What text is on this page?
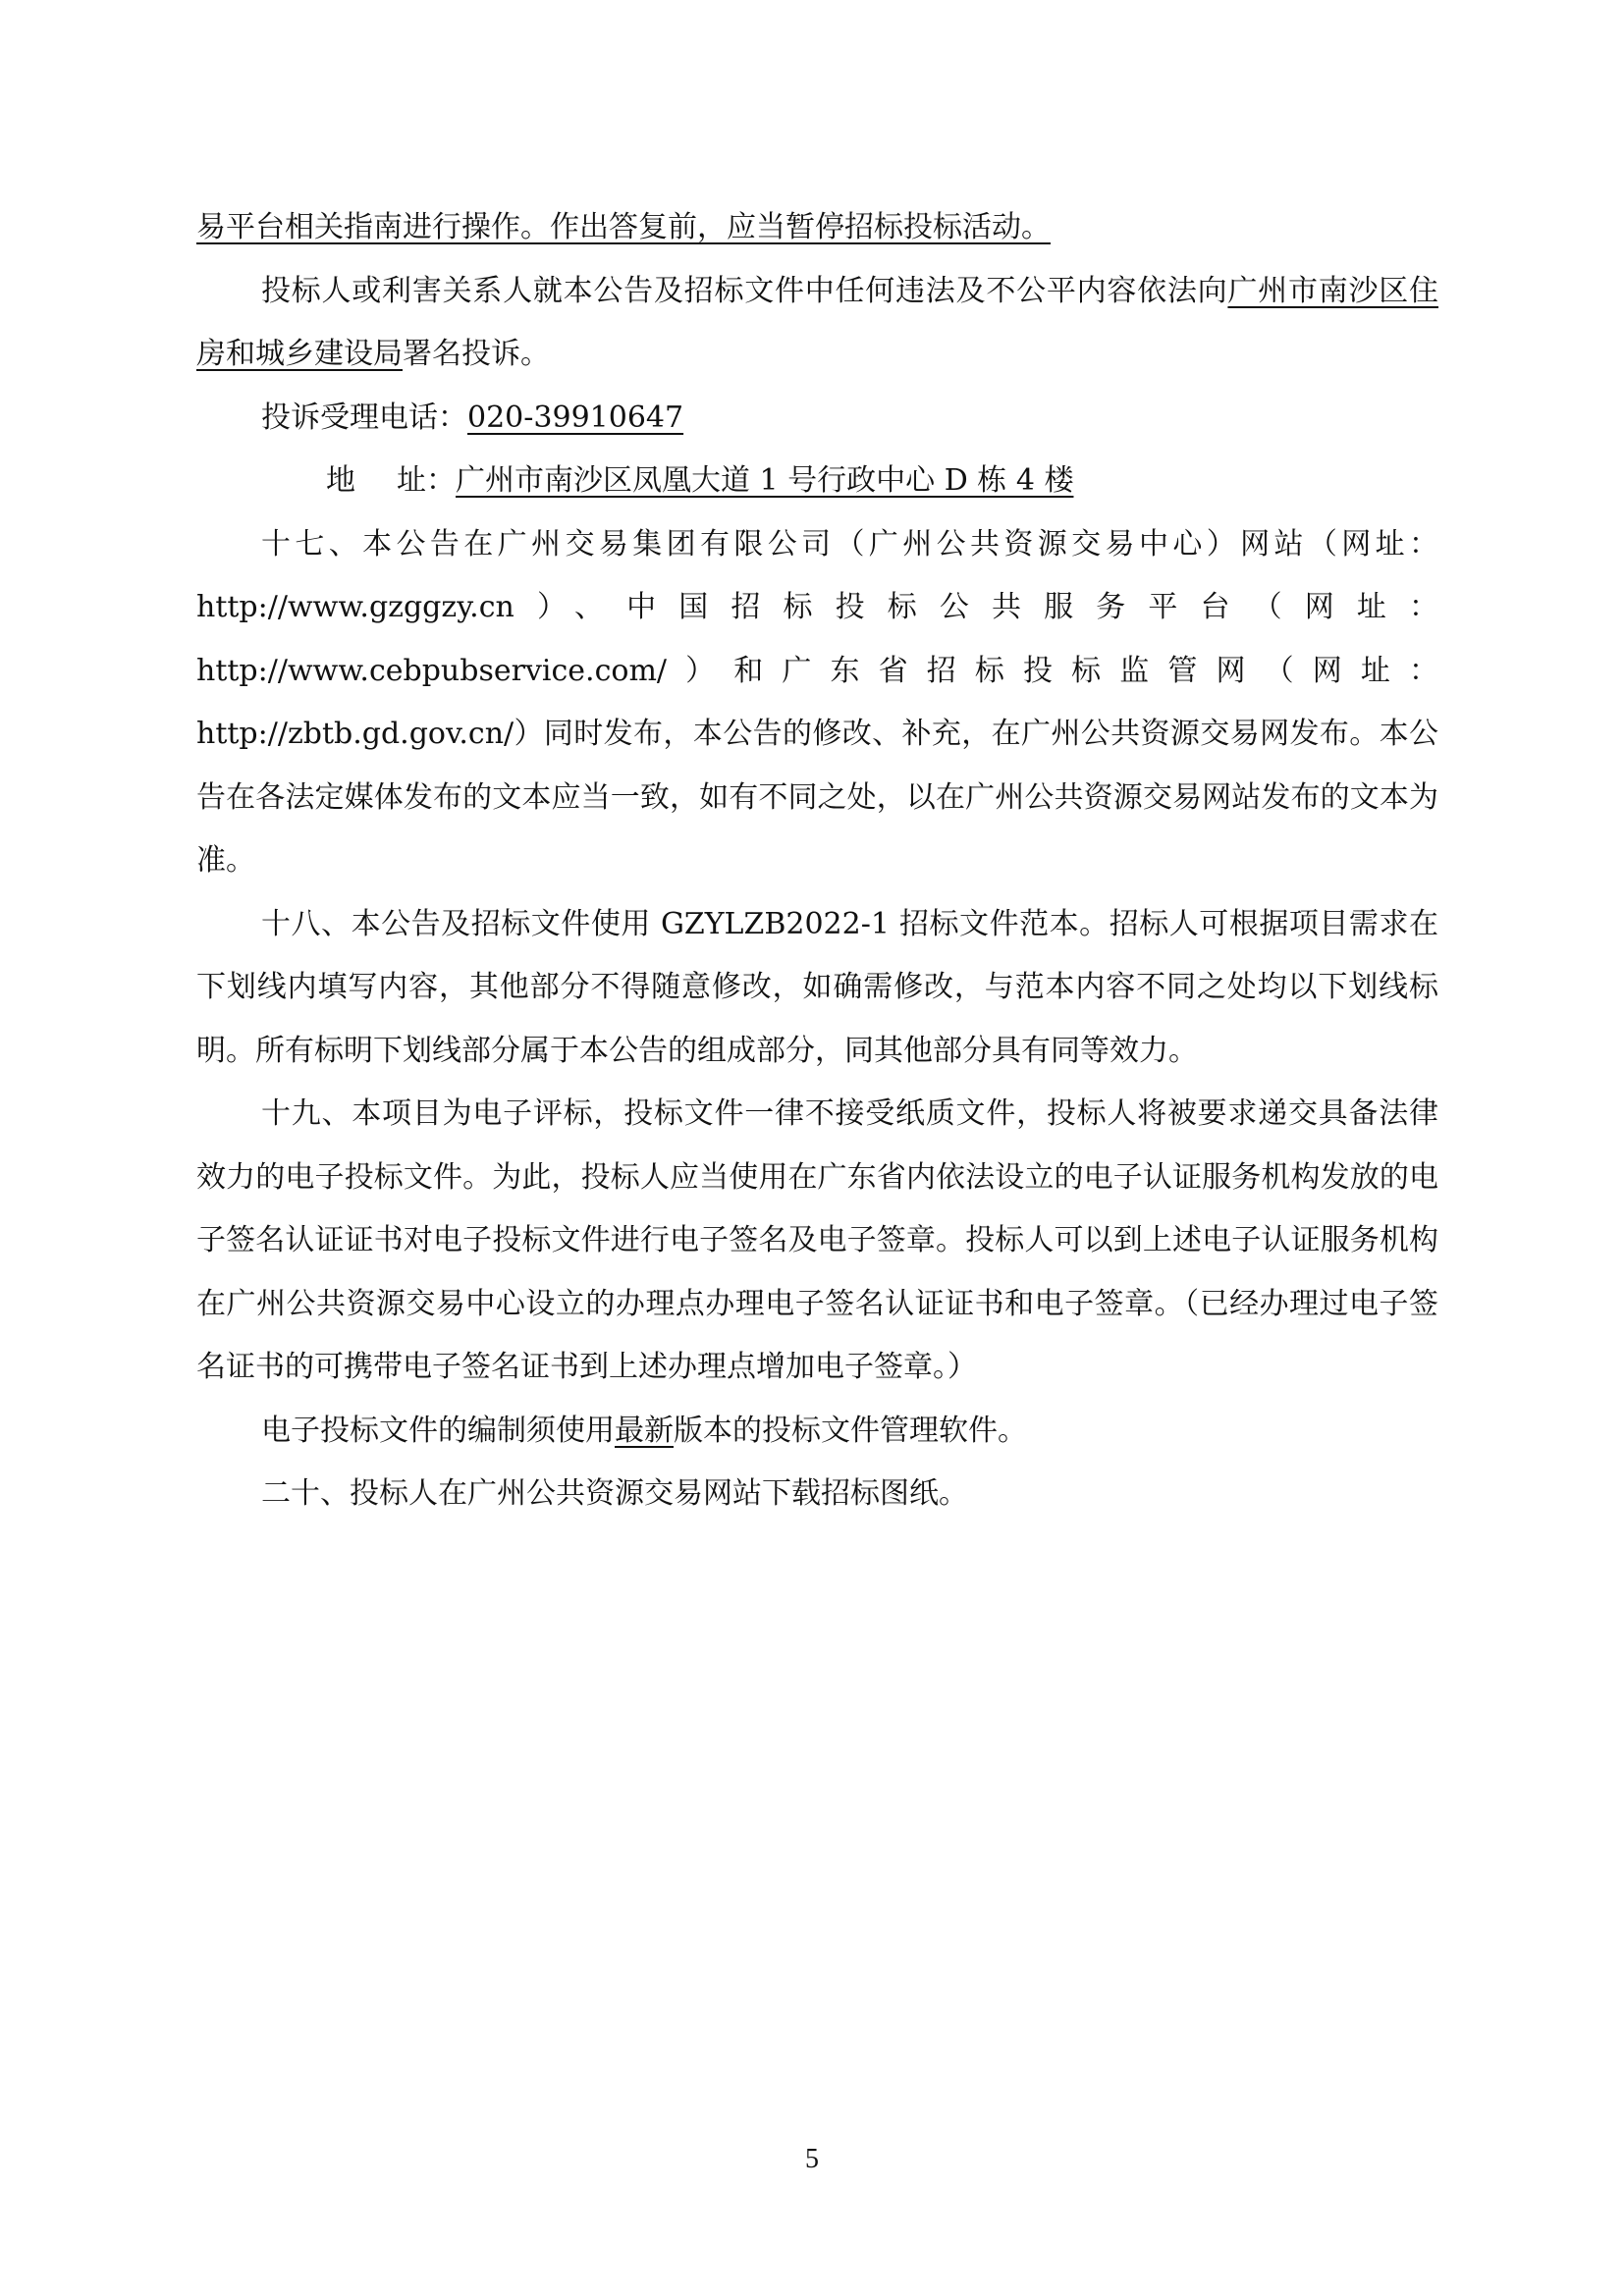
易平台相关指南进行操作。作出答复前，应当暂停招标投标活动。

投标人或利害关系人就本公告及招标文件中任何违法及不公平内容依法向广州市南沙区住房和城乡建设局署名投诉。

投诉受理电话：020-39910647

地址：广州市南沙区凤凰大道 1 号行政中心 D 栋 4 楼

十七、本公告在广州交易集团有限公司（广州公共资源交易中心）网站（网址：http://www.gzggzy.cn）、中国招标投标公共服务平台（网址：http://www.cebpubservice.com/）和广东省招标投标监管网（网址：http://zbtb.gd.gov.cn/）同时发布，本公告的修改、补充，在广州公共资源交易网发布。本公告在各法定媒体发布的文本应当一致，如有不同之处，以在广州公共资源交易网站发布的文本为准。

十八、本公告及招标文件使用 GZYLZB2022-1 招标文件范本。招标人可根据项目需求在下划线内填写内容，其他部分不得随意修改，如确需修改，与范本内容不同之处均以下划线标明。所有标明下划线部分属于本公告的组成部分，同其他部分具有同等效力。

十九、本项目为电子评标，投标文件一律不接受纸质文件，投标人将被要求递交具备法律效力的电子投标文件。为此，投标人应当使用在广东省内依法设立的电子认证服务机构发放的电子签名认证证书对电子投标文件进行电子签名及电子签章。投标人可以到上述电子认证服务机构在广州公共资源交易中心设立的办理点办理电子签名认证证书和电子签章。（已经办理过电子签名证书的可携带电子签名证书到上述办理点增加电子签章。）

电子投标文件的编制须使用最新版本的投标文件管理软件。

二十、投标人在广州公共资源交易网站下载招标图纸。

5
